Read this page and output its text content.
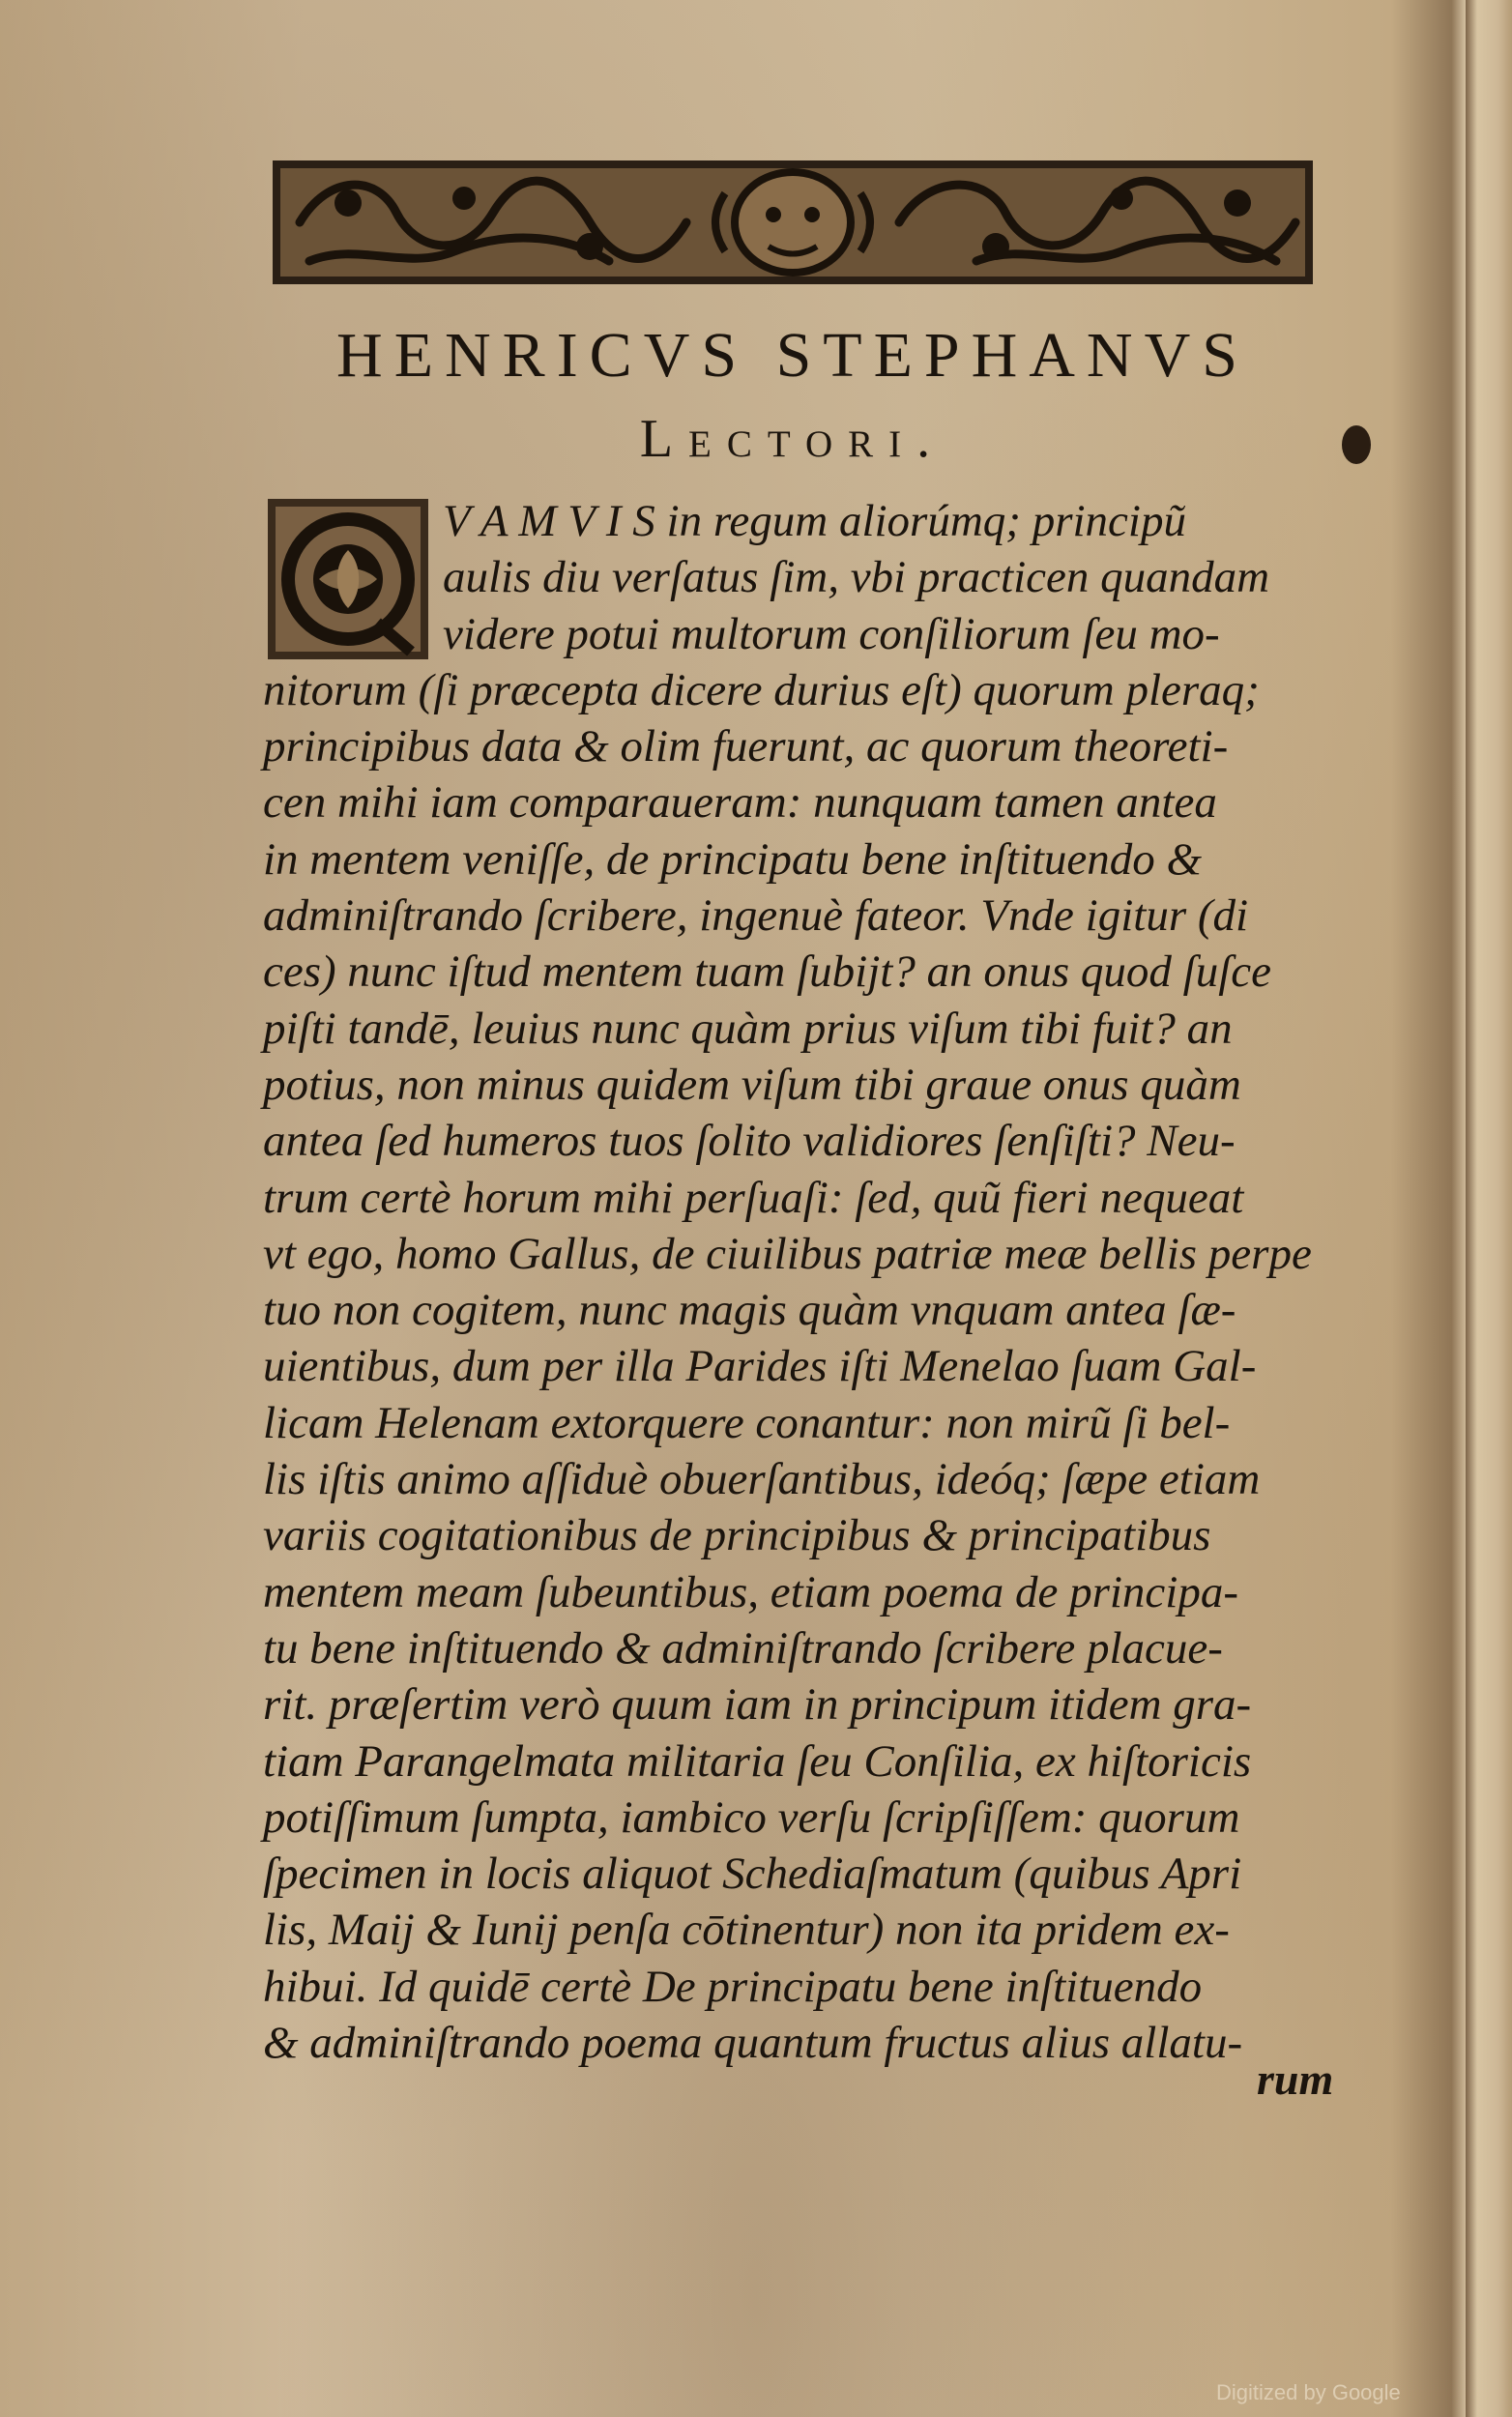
HENRICVS STEPHANVS
Lectori.
V A M V I S in regum aliorúmq; principũ
aulis diu verſatus ſim, vbi practicen quandam
videre potui multorum conſiliorum ſeu mo-
nitorum (ſi præcepta dicere durius eſt) quorum pleraq;
principibus data & olim fuerunt, ac quorum theoreti-
cen mihi iam comparaueram: nunquam tamen antea
in mentem veniſſe, de principatu bene inſtituendo &
adminiſtrando ſcribere, ingenuè fateor. Vnde igitur (di
ces) nunc iſtud mentem tuam ſubijt? an onus quod ſuſce
piſti tandē, leuius nunc quàm prius viſum tibi fuit? an
potius, non minus quidem viſum tibi graue onus quàm
antea ſed humeros tuos ſolito validiores ſenſiſti? Neu-
trum certè horum mihi perſuaſi: ſed, quũ fieri nequeat
vt ego, homo Gallus, de ciuilibus patriæ meæ bellis perpe
tuo non cogitem, nunc magis quàm vnquam antea ſæ-
uientibus, dum per illa Parides iſti Menelao ſuam Gal-
licam Helenam extorquere conantur: non mirũ ſi bel-
lis iſtis animo aſſiduè obuerſantibus, ideóq; ſæpe etiam
variis cogitationibus de principibus & principatibus
mentem meam ſubeuntibus, etiam poema de principa-
tu bene inſtituendo & adminiſtrando ſcribere placue-
rit. præſertim verò quum iam in principum itidem gra-
tiam Parangelmata militaria ſeu Conſilia, ex hiſtoricis
potiſſimum ſumpta, iambico verſu ſcripſiſſem: quorum
ſpecimen in locis aliquot Schediaſmatum (quibus Apri
lis, Maij & Iunij penſa cōtinentur) non ita pridem ex-
hibui. Id quidē certè De principatu bene inſtituendo
& adminiſtrando poema quantum fructus alius allatu-
rum
Digitized by Google
